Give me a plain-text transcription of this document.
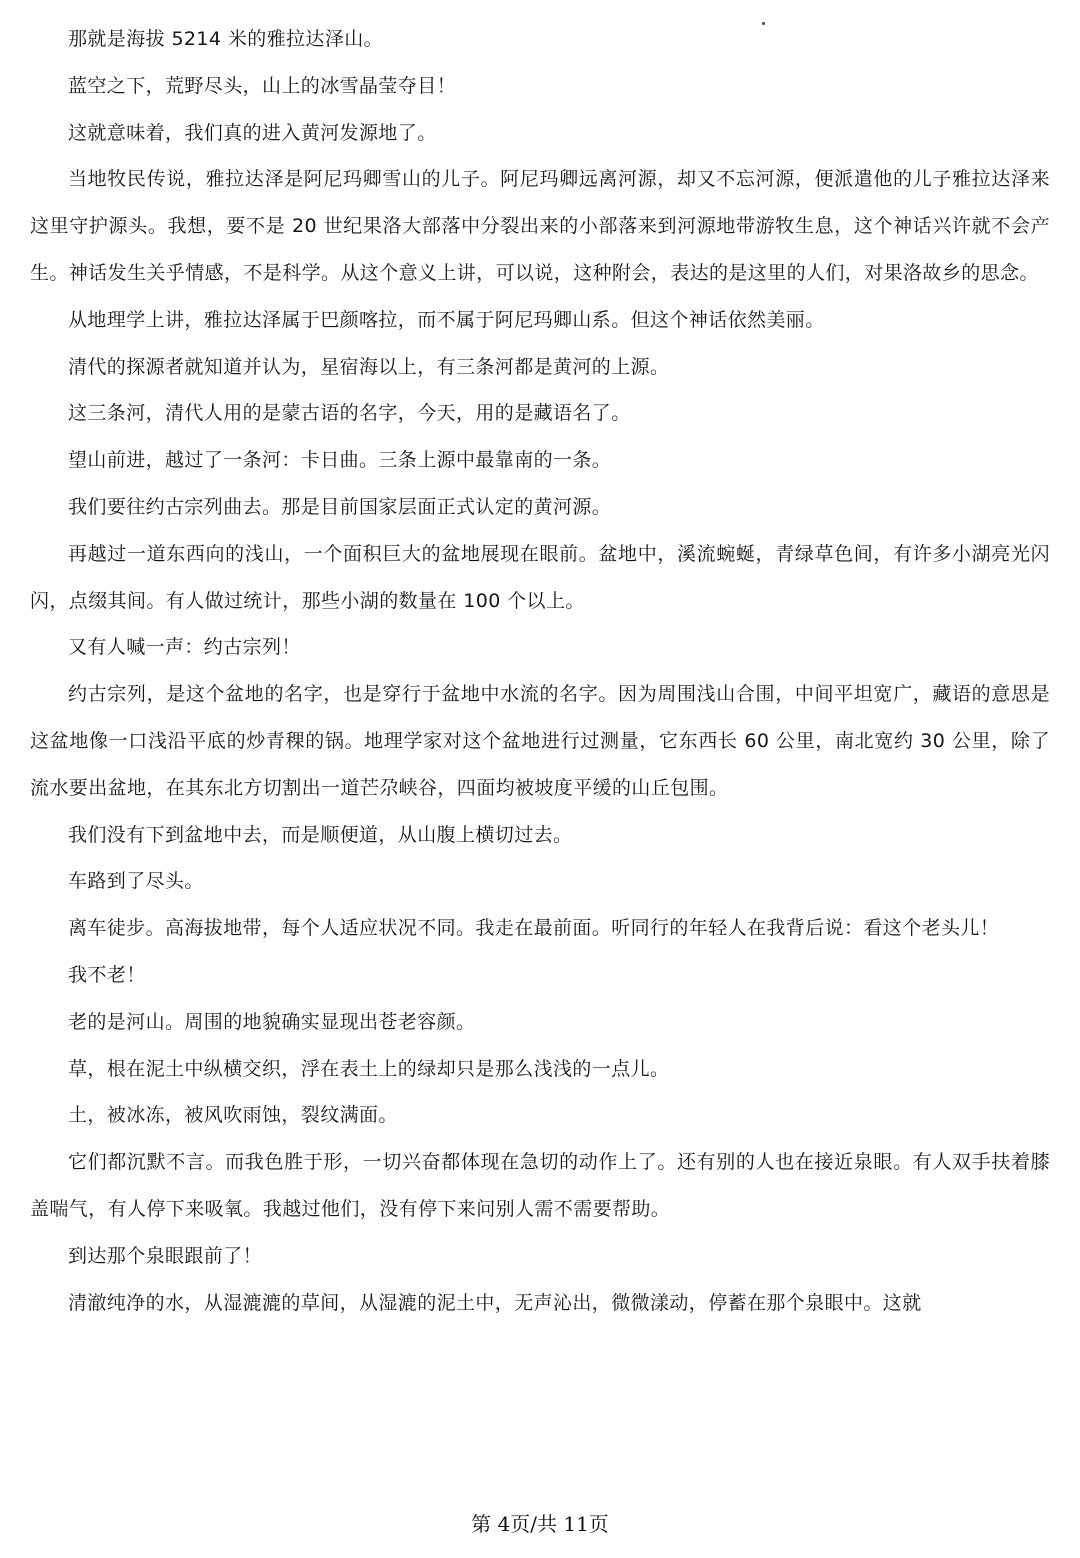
那就是海拔 5214 米的雅拉达泽山。

蓝空之下，荒野尽头，山上的冰雪晶莹夺目！

这就意味着，我们真的进入黄河发源地了。

当地牧民传说，雅拉达泽是阿尼玛卿雪山的儿子。阿尼玛卿远离河源，却又不忘河源，便派遣他的儿子雅拉达泽来这里守护源头。我想，要不是 20 世纪果洛大部落中分裂出来的小部落来到河源地带游牧生息，这个神话兴许就不会产生。神话发生关乎情感，不是科学。从这个意义上讲，可以说，这种附会，表达的是这里的人们，对果洛故乡的思念。

从地理学上讲，雅拉达泽属于巴颜喀拉，而不属于阿尼玛卿山系。但这个神话依然美丽。

清代的探源者就知道并认为，星宿海以上，有三条河都是黄河的上源。

这三条河，清代人用的是蒙古语的名字，今天，用的是藏语名了。

望山前进，越过了一条河：卡日曲。三条上源中最靠南的一条。

我们要往约古宗列曲去。那是目前国家层面正式认定的黄河源。

再越过一道东西向的浅山，一个面积巨大的盆地展现在眼前。盆地中，溪流蜿蜒，青绿草色间，有许多小湖亮光闪闪，点缀其间。有人做过统计，那些小湖的数量在 100 个以上。

又有人喊一声：约古宗列！

约古宗列，是这个盆地的名字，也是穿行于盆地中水流的名字。因为周围浅山合围，中间平坦宽广，藏语的意思是这盆地像一口浅沿平底的炒青稞的锅。地理学家对这个盆地进行过测量，它东西长 60 公里，南北宽约 30 公里，除了流水要出盆地，在其东北方切割出一道芒尕峡谷，四面均被坡度平缓的山丘包围。

我们没有下到盆地中去，而是顺便道，从山腹上横切过去。

车路到了尽头。

离车徒步。高海拔地带，每个人适应状况不同。我走在最前面。听同行的年轻人在我背后说：看这个老头儿！

我不老！

老的是河山。周围的地貌确实显现出苍老容颜。

草，根在泥土中纵横交织，浮在表土上的绿却只是那么浅浅的一点儿。

土，被冰冻，被风吹雨蚀，裂纹满面。

它们都沉默不言。而我色胜于形，一切兴奋都体现在急切的动作上了。还有别的人也在接近泉眼。有人双手扶着膝盖喘气，有人停下来吸氧。我越过他们，没有停下来问别人需不需要帮助。

到达那个泉眼跟前了！

清澈纯净的水，从湿漉漉的草间，从湿漉的泥土中，无声沁出，微微漾动，停蓄在那个泉眼中。这就

第 4页/共 11页
